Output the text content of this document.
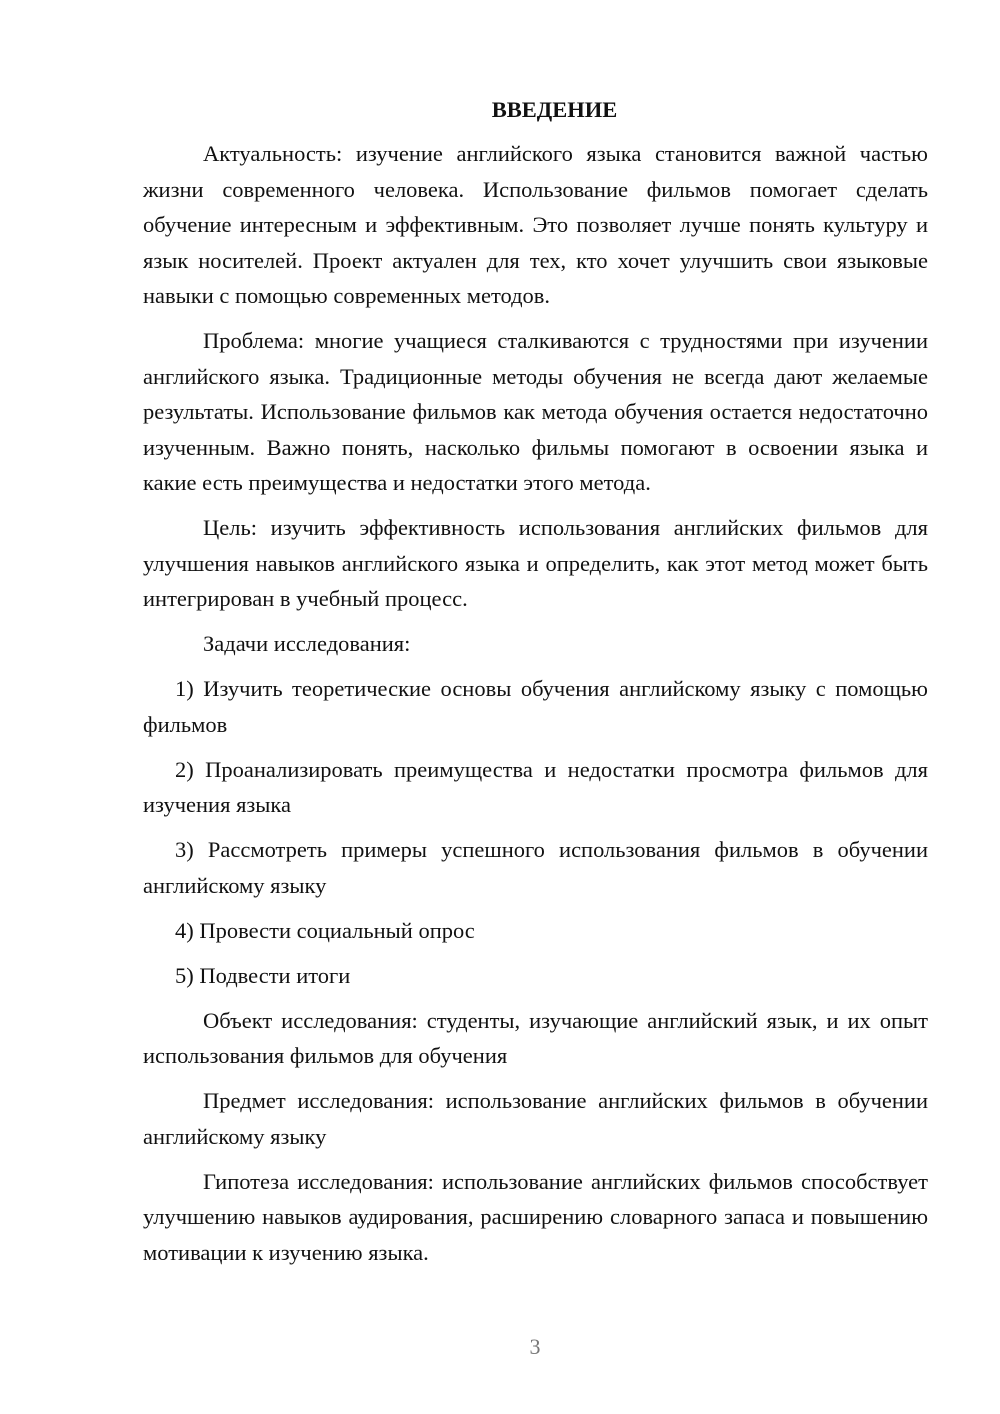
ВВЕДЕНИЕ

Актуальность: изучение английского языка становится важной частью жизни современного человека. Использование фильмов помогает сделать обучение интересным и эффективным. Это позволяет лучше понять культуру и язык носителей. Проект актуален для тех, кто хочет улучшить свои языковые навыки с помощью современных методов.

Проблема: многие учащиеся сталкиваются с трудностями при изучении английского языка. Традиционные методы обучения не всегда дают желаемые результаты. Использование фильмов как метода обучения остается недостаточно изученным. Важно понять, насколько фильмы помогают в освоении языка и какие есть преимущества и недостатки этого метода.

Цель: изучить эффективность использования английских фильмов для улучшения навыков английского языка и определить, как этот метод может быть интегрирован в учебный процесс.

Задачи исследования:

1) Изучить теоретические основы обучения английскому языку с помощью фильмов

2) Проанализировать преимущества и недостатки просмотра фильмов для изучения языка

3) Рассмотреть примеры успешного использования фильмов в обучении английскому языку

4) Провести социальный опрос

5) Подвести итоги

Объект исследования: студенты, изучающие английский язык, и их опыт использования фильмов для обучения

Предмет исследования: использование английских фильмов в обучении английскому языку

Гипотеза исследования: использование английских фильмов способствует улучшению навыков аудирования, расширению словарного запаса и повышению мотивации к изучению языка.

3
